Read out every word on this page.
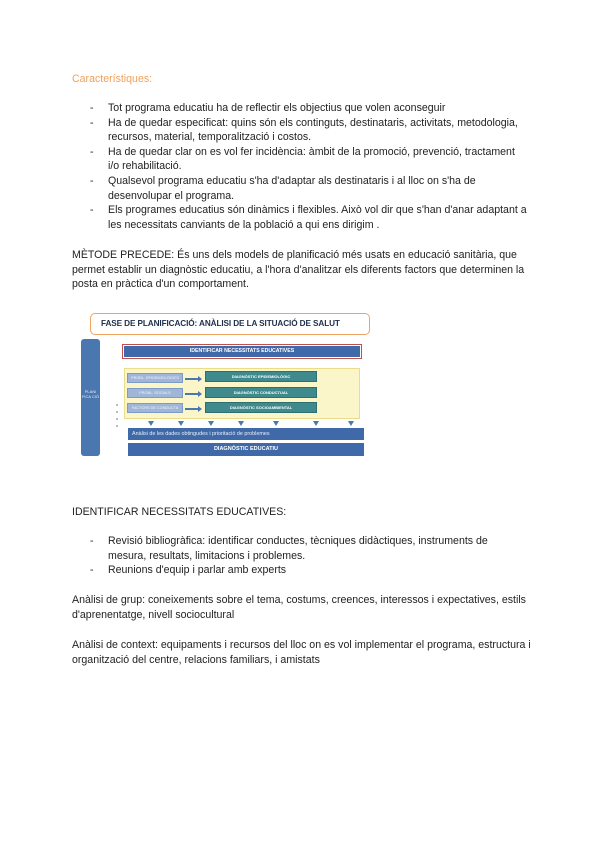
Característiques:
- Tot programa educatiu ha de reflectir els objectius que volen aconseguir
- Ha de quedar especificat: quins són els continguts, destinataris, activitats, metodologia, recursos, material, temporalització i costos.
- Ha de quedar clar on es vol fer incidència: àmbit de la promoció, prevenció, tractament i/o rehabilitació.
- Qualsevol programa educatiu s'ha d'adaptar als destinataris i al lloc on s'ha de desenvolupar el programa.
- Els programes educatius són dinàmics i flexibles. Això vol dir que s'han d'anar adaptant a les necessitats canviants de la població a qui ens dirigim .

MÈTODE PRECEDE: És uns dels models de planificació més usats en educació sanitària, que permet establir un diagnòstic educatiu, a l'hora d'analitzar els diferents factors que determinen la posta en pràctica d'un comportament.

FASE DE PLANIFICACIÓ: ANÀLISI DE LA SITUACIÓ DE SALUT
PLANI FICA CIÓ
IDENTIFICAR NECESSITATS EDUCATIVES
PROBL. EPIDEMIOLÒGICS
PROBL. SOCIALS
FACTORS DE CONDUCTA
DIAGNÒSTIC EPIDEMIOLÒGIC
DIAGNÒSTIC CONDUCTUAL
DIAGNÒSTIC SOCIOAMBIENTAL
Anàlisi de les dades obtingudes i prioritació de problemes
DIAGNÒSTIC EDUCATIU
IDENTIFICAR NECESSITATS EDUCATIVES:
- Revisió bibliogràfica: identificar conductes, tècniques didàctiques, instruments de mesura, resultats, limitacions i problemes.
- Reunions d'equip i parlar amb experts

Anàlisi de grup: coneixements sobre el tema, costums, creences, interessos i expectatives, estils d'aprenentatge, nivell sociocultural

Anàlisi de context: equipaments i recursos del lloc on es vol implementar el programa, estructura i organització del centre, relacions familiars, i amistats
